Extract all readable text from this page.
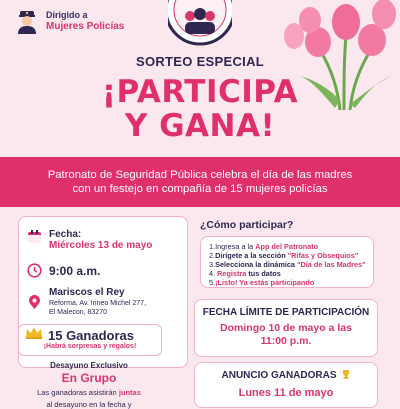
Dirigido a
Mujeres Policías
SORTEO ESPECIAL
¡PARTICIPA
Y GANA!
Patronato de Seguridad Pública celebra el día de las madres
con un festejo en compañía de 15 mujeres policías
Fecha:
Miércoles 13 de mayo
9:00 a.m.
Mariscos el Rey
Reforma, Av. Irineo Michel 277,
El Malecon, 83270
15 Ganadoras
¡Habrá sorpresas y regalos!
Desayuno Exclusivo
En Grupo
Las ganadoras asistirán juntas
al desayuno en la fecha y
¿Cómo participar?
1.Ingresa a la App del Patronato
2.Dirígete a la sección "Rifas y Obsequios"
3.Selecciona la dinámica "Día de las Madres"
4. Registra tus datos
5.¡Listo! Ya estás participando
FECHA LÍMITE DE PARTICIPACIÓN
Domingo 10 de mayo a las
11:00 p.m.
ANUNCIO GANADORAS
Lunes 11 de mayo
